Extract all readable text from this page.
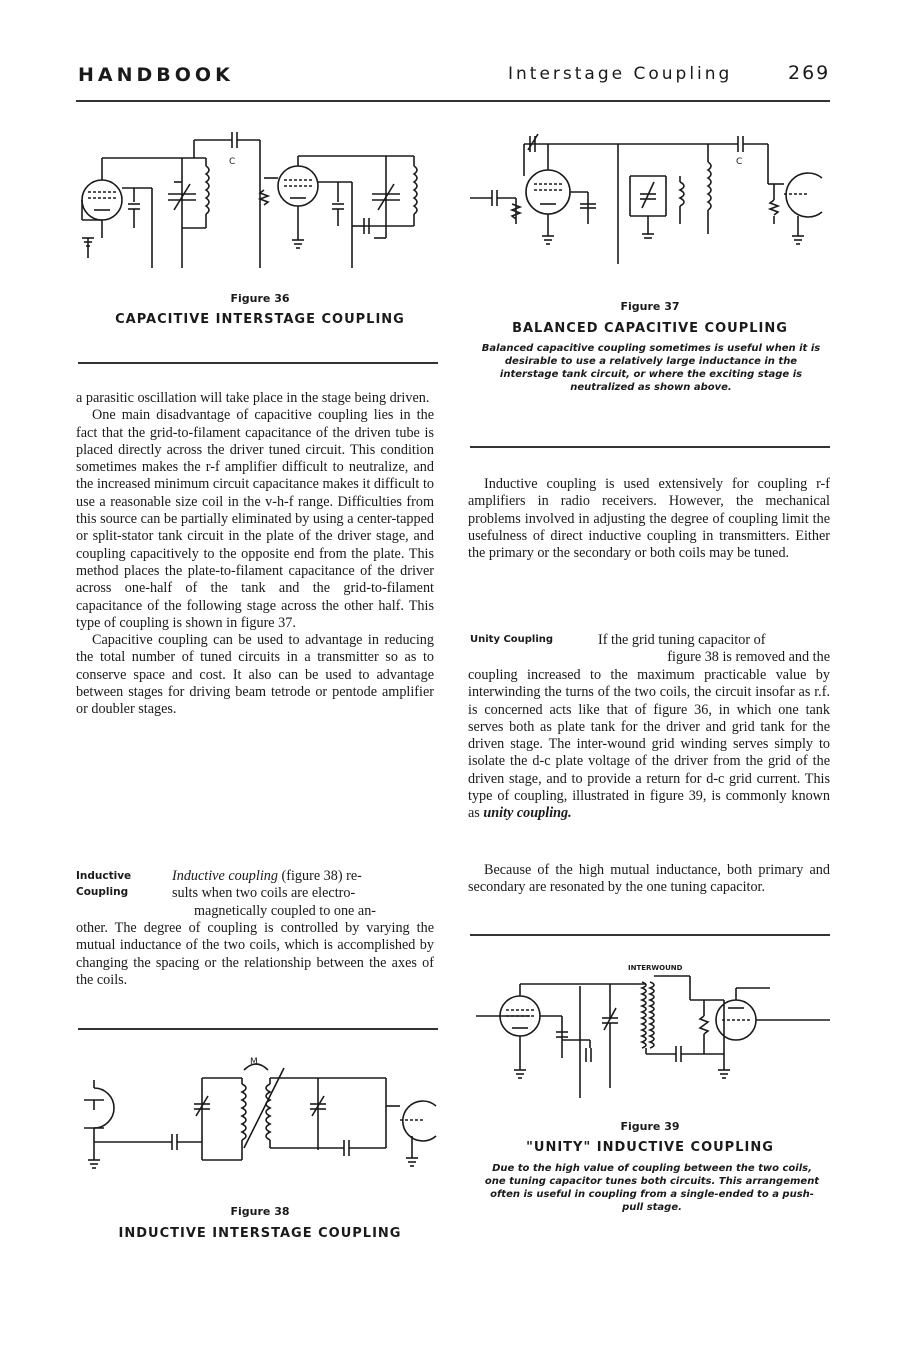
HANDBOOK	Interstage Coupling	269
C
Figure 36
CAPACITIVE INTERSTAGE COUPLING
C
Figure 37
BALANCED CAPACITIVE COUPLING
Balanced capacitive coupling sometimes is useful when it is desirable to use a relatively large inductance in the interstage tank circuit, or where the exciting stage is neutralized as shown above.

a parasitic oscillation will take place in the stage being driven.

One main disadvantage of capacitive coupling lies in the fact that the grid-to-filament capacitance of the driven tube is placed directly across the driver tuned circuit. This condition sometimes makes the r-f amplifier difficult to neutralize, and the increased minimum circuit capacitance makes it difficult to use a reasonable size coil in the v-h-f range. Difficulties from this source can be partially eliminated by using a center-tapped or split-stator tank circuit in the plate of the driver stage, and coupling capacitively to the opposite end from the plate. This method places the plate-to-filament capacitance of the driver across one-half of the tank and the grid-to-filament capacitance of the following stage across the other half. This type of coupling is shown in figure 37.

Capacitive coupling can be used to advantage in reducing the total number of tuned circuits in a transmitter so as to conserve space and cost. It also can be used to advantage between stages for driving beam tetrode or pentode amplifier or doubler stages.

Inductive
Coupling

Inductive coupling (figure 38) re-

sults when two coils are electro-

magnetically coupled to one an-

other. The degree of coupling is controlled by varying the mutual inductance of the two coils, which is accomplished by changing the spacing or the relationship between the axes of the coils.
Inductive coupling is used extensively for coupling r-f amplifiers in radio receivers. However, the mechanical problems involved in adjusting the degree of coupling limit the usefulness of direct inductive coupling in transmitters. Either the primary or the secondary or both coils may be tuned.
Unity Coupling	If the grid tuning capacitor of

figure 38 is removed and the

coupling increased to the maximum practicable value by interwinding the turns of the two coils, the circuit insofar as r.f. is concerned acts like that of figure 36, in which one tank serves both as plate tank for the driver and grid tank for the driven stage. The inter-wound grid winding serves simply to isolate the d-c plate voltage of the driver from the grid of the driven stage, and to provide a return for d-c grid current. This type of coupling, illustrated in figure 39, is commonly known as unity coupling.
Because of the high mutual inductance, both primary and secondary are resonated by the one tuning capacitor.
M
Figure 38
INDUCTIVE INTERSTAGE COUPLING
INTERWOUND
Figure 39
"UNITY" INDUCTIVE COUPLING
Due to the high value of coupling between the two coils, one tuning capacitor tunes both circuits. This arrangement often is useful in coupling from a single-ended to a push-pull stage.
